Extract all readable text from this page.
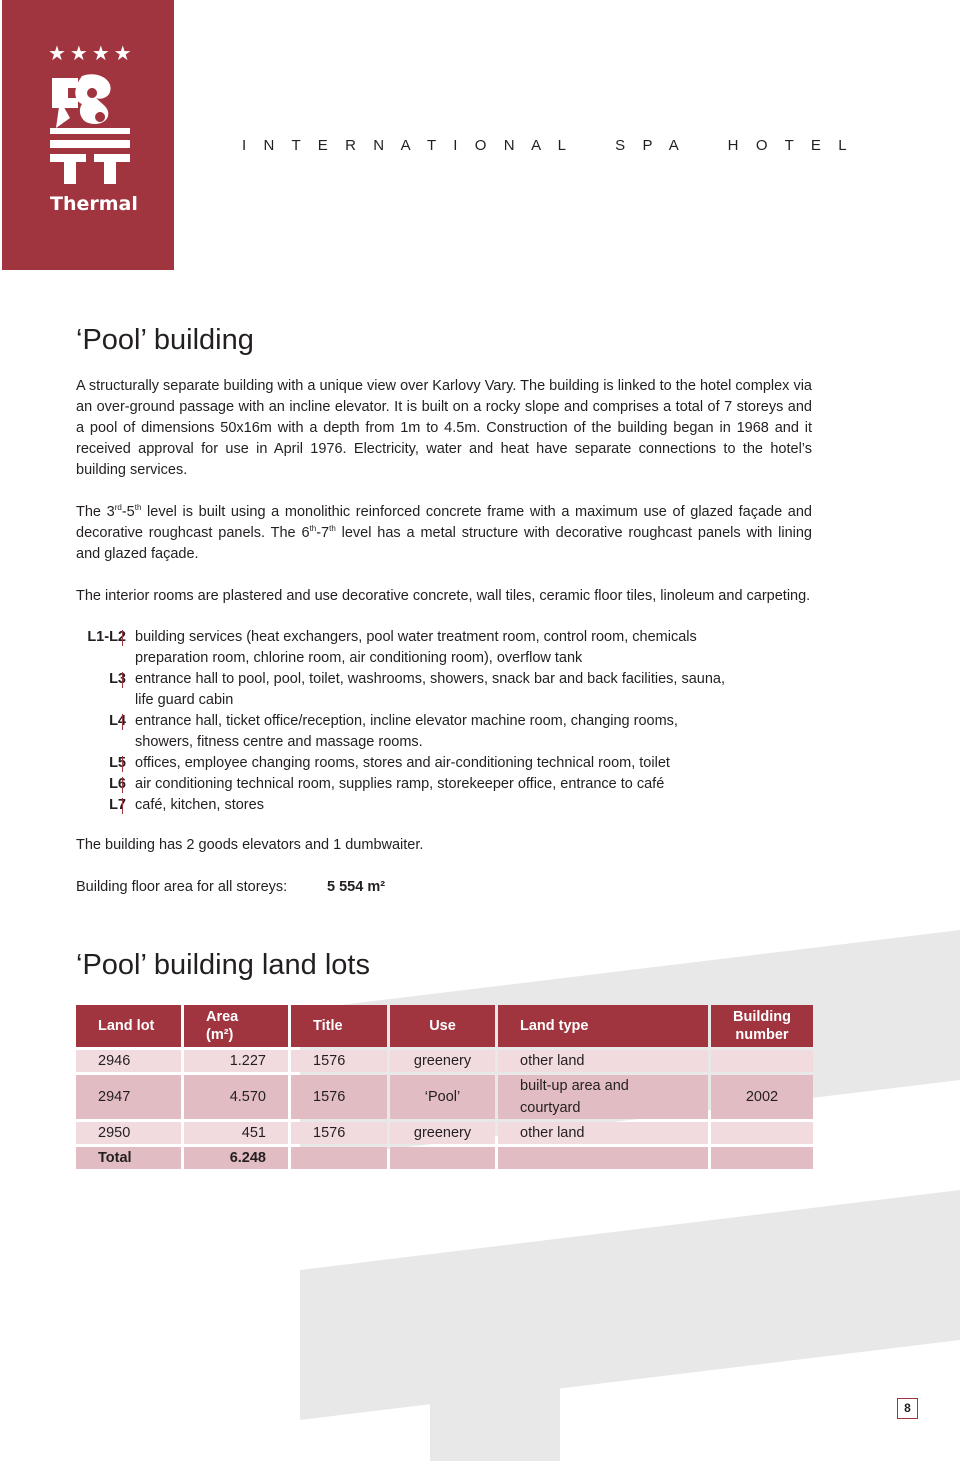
★★★★
Thermal
I N T E R N A T I O N A L    S P A    H O T E L
‘Pool’ building

A structurally separate building with a unique view over Karlovy Vary. The building is linked to the hotel complex via an over-ground passage with an incline elevator. It is built on a rocky slope and comprises a total of 7 storeys and a pool of dimensions 50x16m with a depth from 1m to 4.5m. Construction of the building began in 1968 and it received approval for use in April 1976. Electricity, water and heat have separate connections to the hotel’s building services.

The 3rd-5th level is built using a monolithic reinforced concrete frame with a maximum use of glazed façade and decorative roughcast panels. The 6th-7th level has a metal structure with decorative roughcast panels with lining and glazed façade.

The interior rooms are plastered and use decorative concrete, wall tiles, ceramic floor tiles, linoleum and carpeting.

L1-L2 building services (heat exchangers, pool water treatment room, control room, chemicals preparation room, chlorine room, air conditioning room), overflow tank
L3 entrance hall to pool, pool, toilet, washrooms, showers, snack bar and back facilities, sauna, life guard cabin
L4 entrance hall, ticket office/reception, incline elevator machine room, changing rooms, showers, fitness centre and massage rooms.
L5 offices, employee changing rooms, stores and air-conditioning technical room, toilet
L6 air conditioning technical room, supplies ramp, storekeeper office, entrance to café
L7 café, kitchen, stores

The building has 2 goods elevators and 1 dumbwaiter.

Building floor area for all storeys:	5 554 m²
‘Pool’ building land lots
Land lot	Area (m²)	Title	Use	Land type	Building number
2946	1.227	1576	greenery	other land	
2947	4.570	1576	‘Pool’	built-up area and courtyard	2002
2950	451	1576	greenery	other land	
Total	6.248				
8
